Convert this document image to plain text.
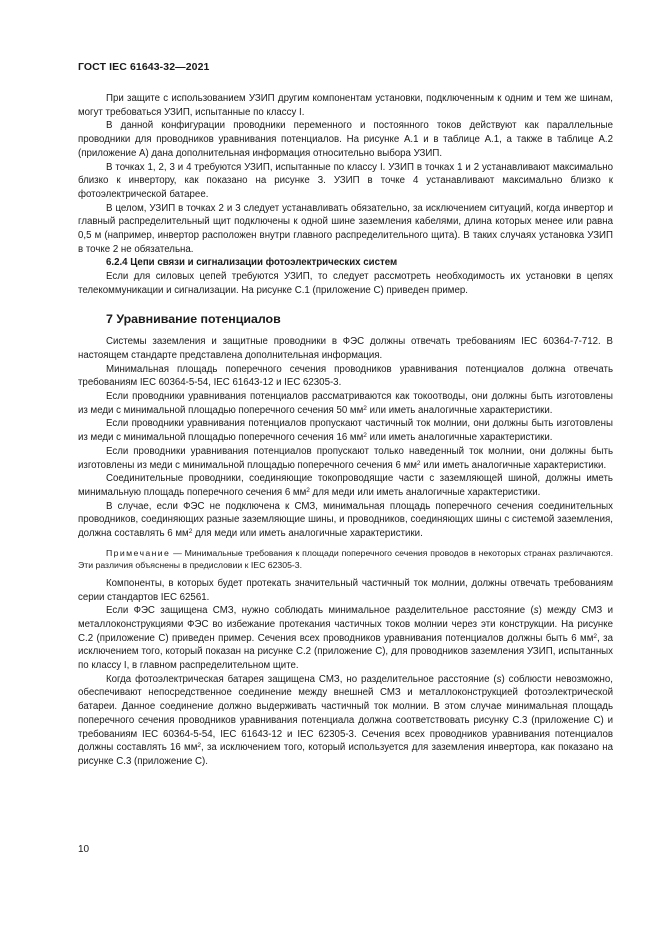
ГОСТ IEC 61643-32—2021

При защите с использованием УЗИП другим компонентам установки, подключенным к одним и тем же шинам, могут требоваться УЗИП, испытанные по классу I.

В данной конфигурации проводники переменного и постоянного токов действуют как параллельные проводники для проводников уравнивания потенциалов. На рисунке A.1 и в таблице A.1, а также в таблице A.2 (приложение A) дана дополнительная информация относительно выбора УЗИП.

В точках 1, 2, 3 и 4 требуются УЗИП, испытанные по классу I. УЗИП в точках 1 и 2 устанавливают максимально близко к инвертору, как показано на рисунке 3. УЗИП в точке 4 устанавливают максимально близко к фотоэлектрической батарее.

В целом, УЗИП в точках 2 и 3 следует устанавливать обязательно, за исключением ситуаций, когда инвертор и главный распределительный щит подключены к одной шине заземления кабелями, длина которых менее или равна 0,5 м (например, инвертор расположен внутри главного распределительного щита). В таких случаях установка УЗИП в точке 2 не обязательна.

6.2.4 Цепи связи и сигнализации фотоэлектрических систем

Если для силовых цепей требуются УЗИП, то следует рассмотреть необходимость их установки в цепях телекоммуникации и сигнализации. На рисунке C.1 (приложение C) приведен пример.

7 Уравнивание потенциалов

Системы заземления и защитные проводники в ФЭС должны отвечать требованиям IEC 60364-7-712. В настоящем стандарте представлена дополнительная информация.

Минимальная площадь поперечного сечения проводников уравнивания потенциалов должна отвечать требованиям IEC 60364-5-54, IEC 61643-12 и IEC 62305-3.

Если проводники уравнивания потенциалов рассматриваются как токоотводы, они должны быть изготовлены из меди с минимальной площадью поперечного сечения 50 $мм^2$ или иметь аналогичные характеристики.

Если проводники уравнивания потенциалов пропускают частичный ток молнии, они должны быть изготовлены из меди с минимальной площадью поперечного сечения 16 $мм^2$ или иметь аналогичные характеристики.

Если проводники уравнивания потенциалов пропускают только наведенный ток молнии, они должны быть изготовлены из меди с минимальной площадью поперечного сечения 6 $мм^2$ или иметь аналогичные характеристики.

Соединительные проводники, соединяющие токопроводящие части с заземляющей шиной, должны иметь минимальную площадь поперечного сечения 6 $мм^2$ для меди или иметь аналогичные характеристики.

В случае, если ФЭС не подключена к СМЗ, минимальная площадь поперечного сечения соединительных проводников, соединяющих разные заземляющие шины, и проводников, соединяющих шины с системой заземления, должна составлять 6 $мм^2$ для меди или иметь аналогичные характеристики.

Примечание — Минимальные требования к площади поперечного сечения проводов в некоторых странах различаются. Эти различия объяснены в предисловии к IEC 62305-3.

Компоненты, в которых будет протекать значительный частичный ток молнии, должны отвечать требованиям серии стандартов IEC 62561.

Если ФЭС защищена СМЗ, нужно соблюдать минимальное разделительное расстояние (s) между СМЗ и металлоконструкциями ФЭС во избежание протекания частичных токов молнии через эти конструкции. На рисунке C.2 (приложение C) приведен пример. Сечения всех проводников уравнивания потенциалов должны быть 6 $мм^2$, за исключением того, который показан на рисунке C.2 (приложение C), для проводников заземления УЗИП, испытанных по классу I, в главном распределительном щите.

Когда фотоэлектрическая батарея защищена СМЗ, но разделительное расстояние (s) соблюсти невозможно, обеспечивают непосредственное соединение между внешней СМЗ и металлоконструкцией фотоэлектрической батареи. Данное соединение должно выдерживать частичный ток молнии. В этом случае минимальная площадь поперечного сечения проводников уравнивания потенциала должна соответствовать рисунку C.3 (приложение C) и требованиям IEC 60364-5-54, IEC 61643-12 и IEC 62305-3. Сечения всех проводников уравнивания потенциалов должны составлять 16 $мм^2$, за исключением того, который используется для заземления инвертора, как показано на рисунке C.3 (приложение C).

10
